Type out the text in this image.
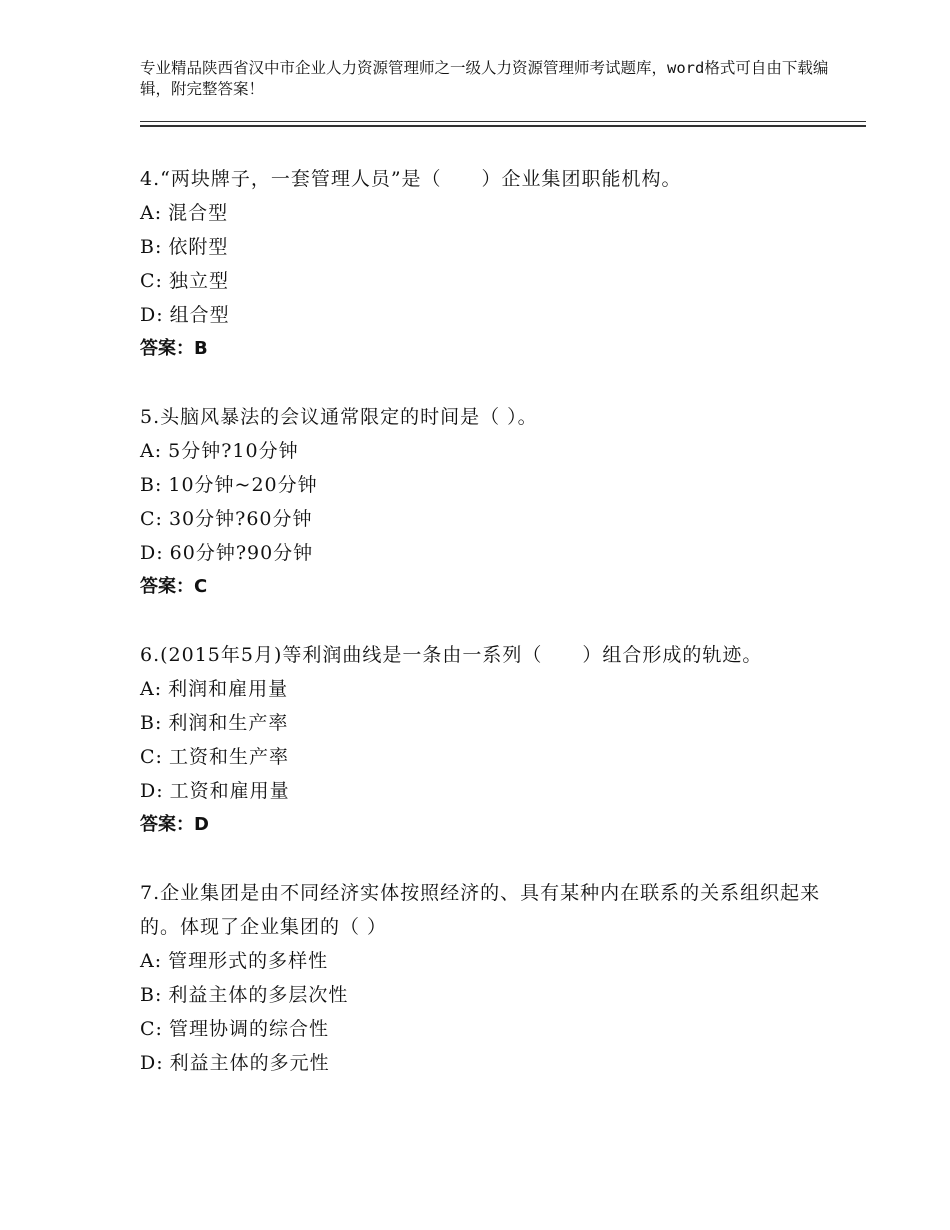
专业精品陕西省汉中市企业人力资源管理师之一级人力资源管理师考试题库，word格式可自由下载编辑，附完整答案！
4.“两块牌子，一套管理人员”是（　　）企业集团职能机构。
A: 混合型
B: 依附型
C: 独立型
D: 组合型
答案：B
5.头脑风暴法的会议通常限定的时间是（ ）。
A: 5分钟?10分钟
B: 10分钟~20分钟
C: 30分钟?60分钟
D: 60分钟?90分钟
答案：C
6.(2015年5月)等利润曲线是一条由一系列（　　）组合形成的轨迹。
A: 利润和雇用量
B: 利润和生产率
C: 工资和生产率
D: 工资和雇用量
答案：D
7.企业集团是由不同经济实体按照经济的、具有某种内在联系的关系组织起来的。体现了企业集团的（ ）
A: 管理形式的多样性
B: 利益主体的多层次性
C: 管理协调的综合性
D: 利益主体的多元性
